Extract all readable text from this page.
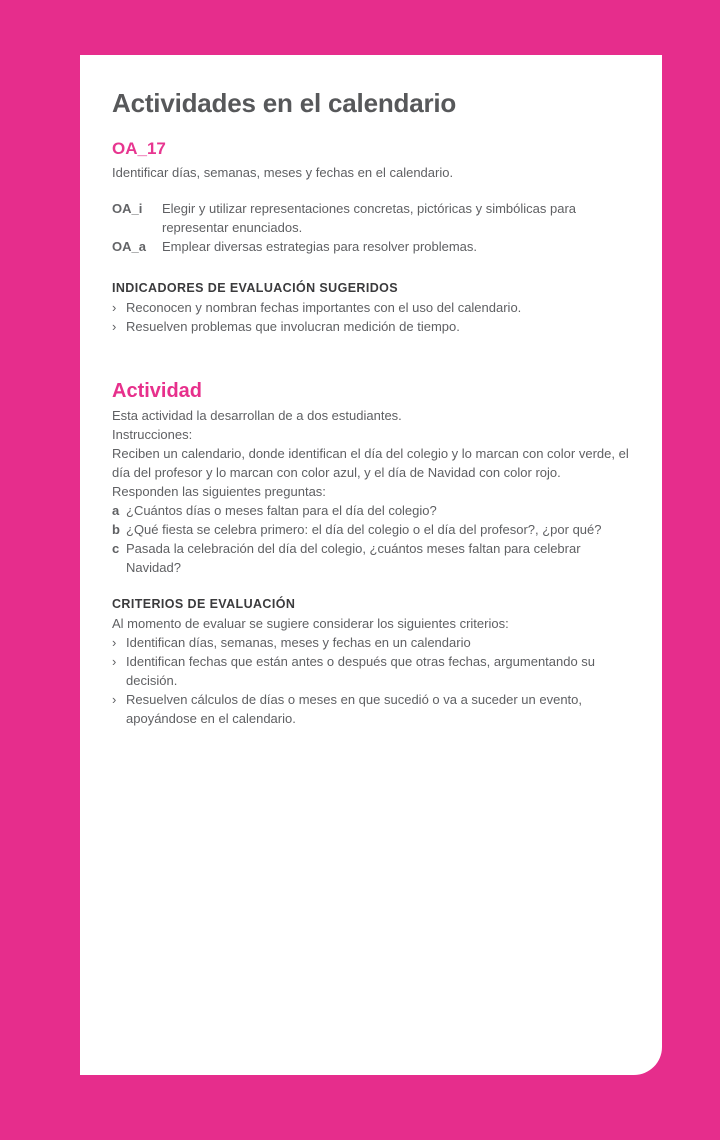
Actividades en el calendario
OA_17
Identificar días, semanas, meses y fechas en el calendario.
OA_i	Elegir y utilizar representaciones concretas, pictóricas y simbólicas para representar enunciados.
OA_a	Emplear diversas estrategias para resolver problemas.
INDICADORES DE EVALUACIÓN SUGERIDOS
› Reconocen y nombran fechas importantes con el uso del calendario.
› Resuelven problemas que involucran medición de tiempo.
Actividad
Esta actividad la desarrollan de a dos estudiantes.
Instrucciones:
Reciben un calendario, donde identifican el día del colegio y lo marcan con color verde, el día del profesor y lo marcan con color azul, y el día de Navidad con color rojo.
Responden las siguientes preguntas:
a ¿Cuántos días o meses faltan para el día del colegio?
b ¿Qué fiesta se celebra primero: el día del colegio o el día del profesor?, ¿por qué?
c Pasada la celebración del día del colegio, ¿cuántos meses faltan para celebrar Navidad?
CRITERIOS DE EVALUACIÓN
Al momento de evaluar se sugiere considerar los siguientes criterios:
› Identifican días, semanas, meses y fechas en un calendario
› Identifican fechas que están antes o después que otras fechas, argumentando su decisión.
› Resuelven cálculos de días o meses en que sucedió o va a suceder un evento, apoyándose en el calendario.
